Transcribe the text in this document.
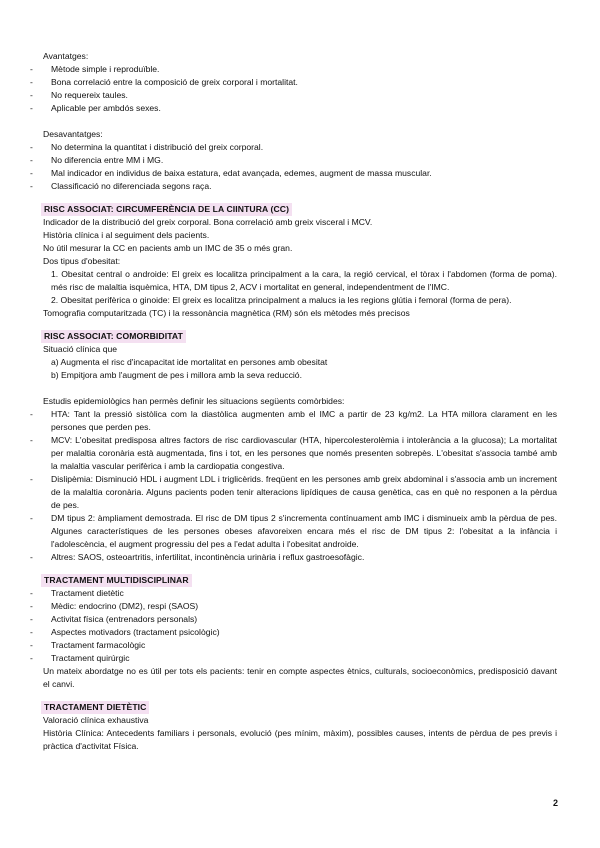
Avantatges:
- Mètode simple i reproduïble.
- Bona correlació entre la composició de greix corporal i mortalitat.
- No requereix taules.
- Aplicable per ambdós sexes.
Desavantatges:
- No determina la quantitat i distribució del greix corporal.
- No diferencia entre MM i MG.
- Mal indicador en individus de baixa estatura, edat avançada, edemes, augment de massa muscular.
- Classificació no diferenciada segons raça.
RISC ASSOCIAT: CIRCUMFERÈNCIA DE LA CIINTURA (CC)
Indicador de la distribució del greix corporal. Bona correlació amb greix visceral i MCV.
Història clínica i al seguiment dels pacients.
No útil mesurar la CC en pacients amb un IMC de 35 o més gran.
Dos tipus d'obesitat:
1. Obesitat central o androide: El greix es localitza principalment a la cara, la regió cervical, el tòrax i l'abdomen (forma de poma). més risc de malaltia isquèmica, HTA, DM tipus 2, ACV i mortalitat en general, independentment de l'IMC.
2. Obesitat perifèrica o ginoide: El greix es localitza principalment a malucs ia les regions glútia i femoral (forma de pera).
Tomografia computaritzada (TC) i la ressonància magnètica (RM) són els mètodes més precisos
RISC ASSOCIAT: COMORBIDITAT
Situació clínica que
a) Augmenta el risc d'incapacitat ide mortalitat en persones amb obesitat
b) Empitjora amb l'augment de pes i millora amb la seva reducció.
Estudis epidemiològics han permès definir les situacions següents comòrbides:
- HTA: Tant la pressió sistòlica com la diastòlica augmenten amb el IMC a partir de 23 kg/m2. La HTA millora clarament en les persones que perden pes.
- MCV: L'obesitat predisposa altres factors de risc cardiovascular (HTA, hipercolesterolèmia i intolerància a la glucosa); La mortalitat per malaltia coronària està augmentada, fins i tot, en les persones que només presenten sobrepès. L'obesitat s'associa també amb la malaltia vascular perifèrica i amb la cardiopatia congestiva.
- Dislipèmia: Disminució HDL i augment LDL i triglicèrids. freqüent en les persones amb greix abdominal i s'associa amb un increment de la malaltia coronària. Alguns pacients poden tenir alteracions lipídiques de causa genètica, cas en què no responen a la pèrdua de pes.
- DM tipus 2: àmpliament demostrada. El risc de DM tipus 2 s'incrementa contínuament amb IMC i disminueix amb la pèrdua de pes. Algunes característiques de les persones obeses afavoreixen encara més el risc de DM tipus 2: l'obesitat a la infància i l'adolescència, el augment progressiu del pes a l'edat adulta i l'obesitat androide.
- Altres: SAOS, osteoartritis, infertilitat, incontinència urinària i reflux gastroesofàgic.
TRACTAMENT MULTIDISCIPLINAR
- Tractament dietètic
- Mèdic: endocrino (DM2), respi (SAOS)
- Activitat física (entrenadors personals)
- Aspectes motivadors (tractament psicològic)
- Tractament farmacològic
- Tractament quirúrgic
Un mateix abordatge no es útil per tots els pacients: tenir en compte aspectes ètnics, culturals, socioeconòmics, predisposició davant el canvi.
TRACTAMENT DIETÈTIC
Valoració clínica exhaustiva
Història Clínica: Antecedents familiars i personals, evolució (pes mínim, màxim), possibles causes, intents de pèrdua de pes previs i pràctica d'activitat Física.
2
